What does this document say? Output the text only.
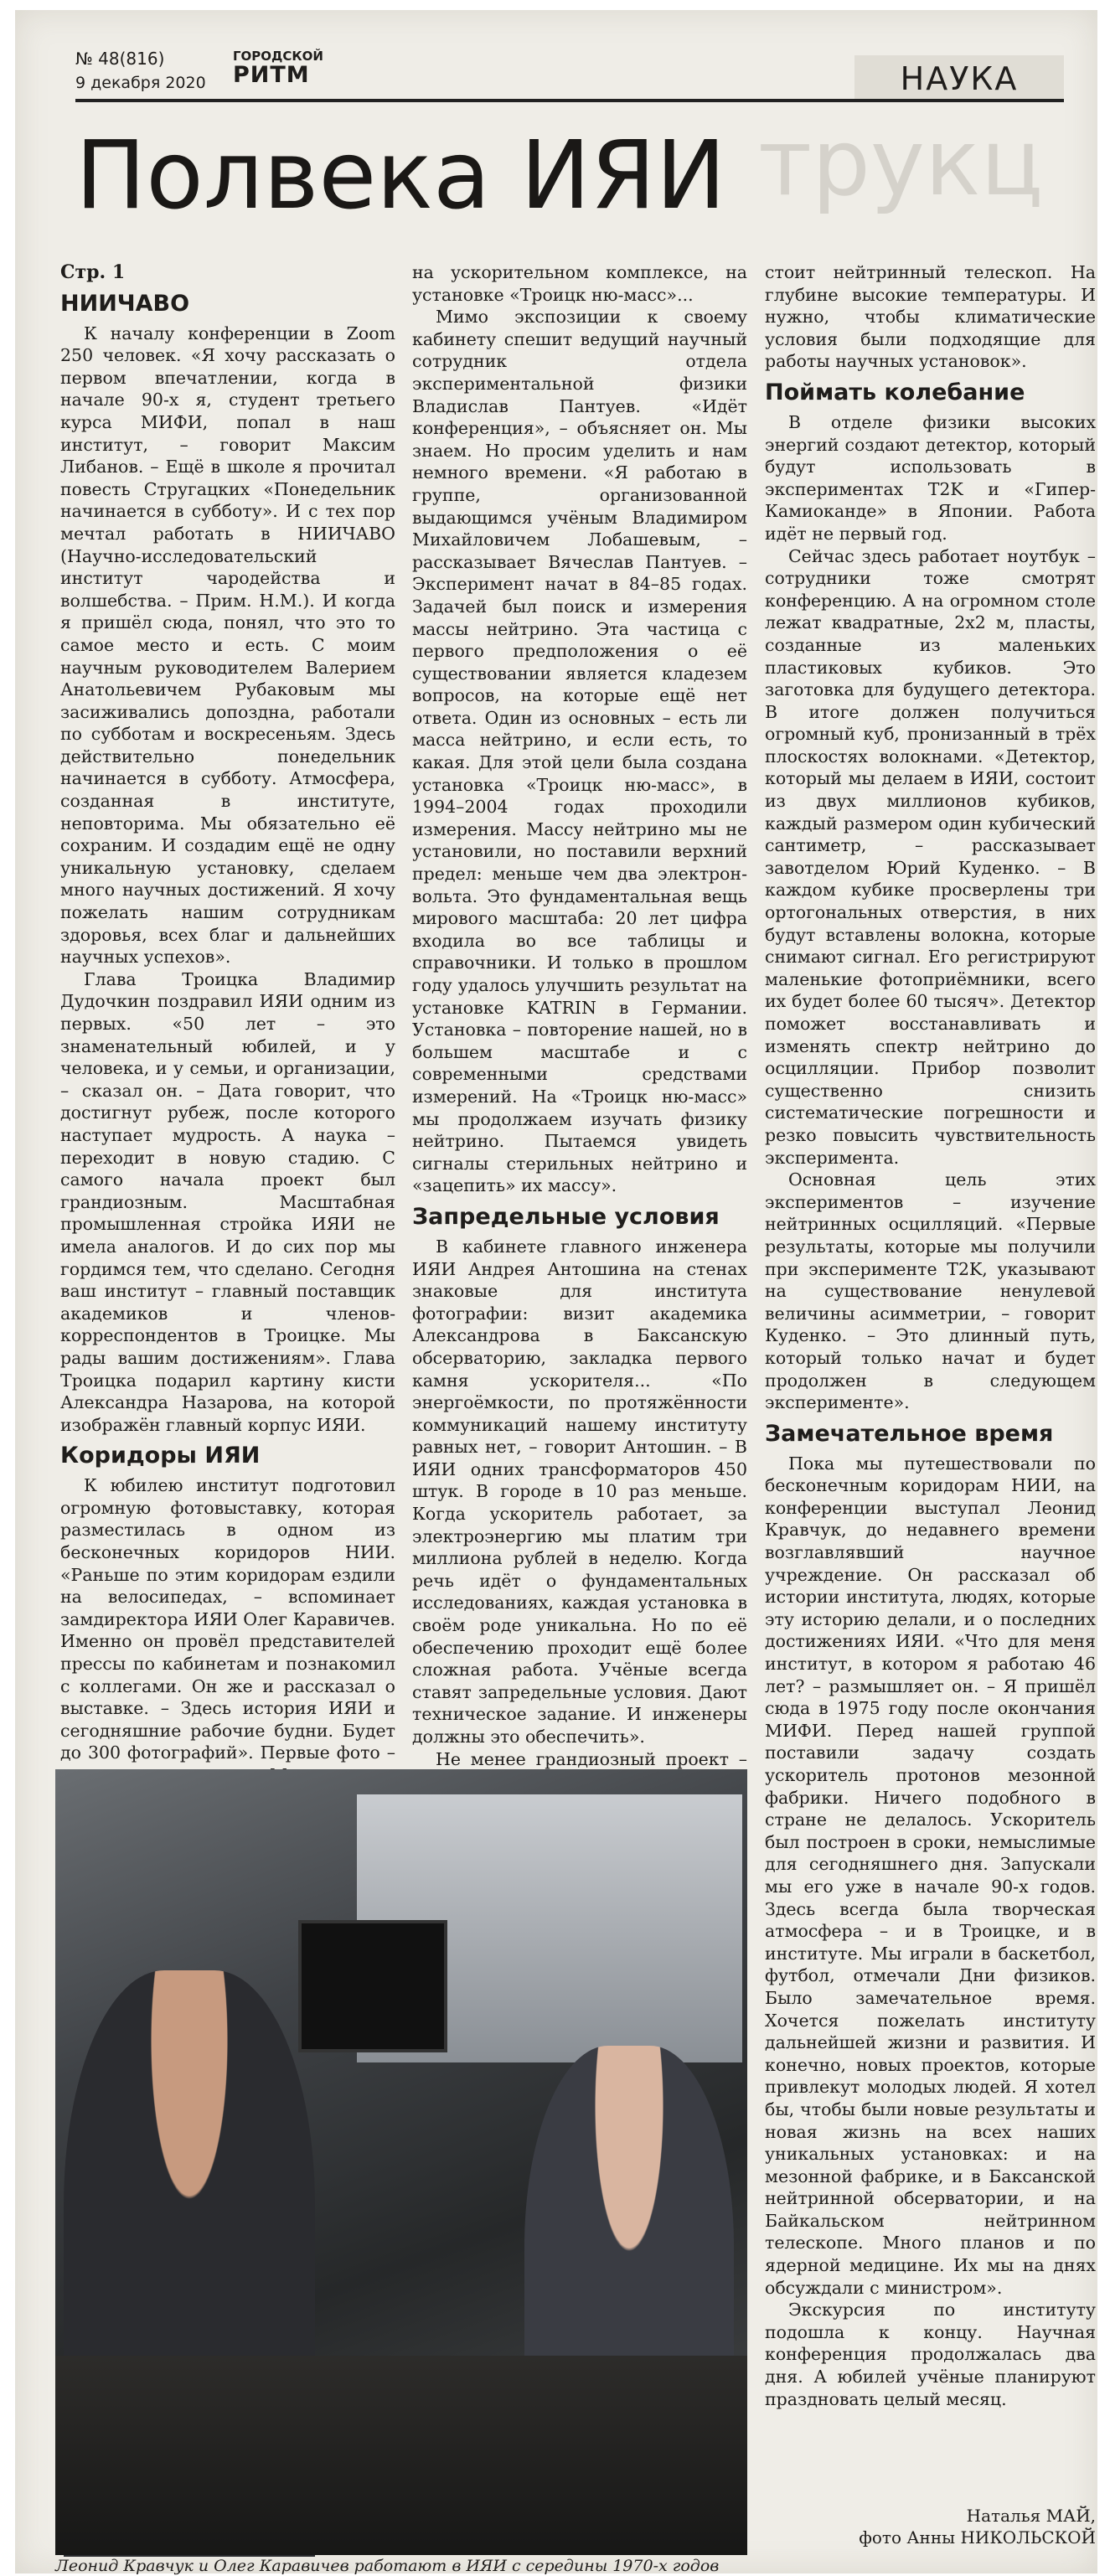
№ 48(816)
9 декабря 2020
ГОРОДСКОЙ
РИТМ	НАУКА
трукц
Полвека ИЯИ

Стр. 1

НИИЧАВО

К началу конференции в Zoom 250 человек. «Я хочу рассказать о первом впечатлении, когда в начале 90-х я, студент третьего курса МИФИ, попал в наш институт, – говорит Максим Либанов. – Ещё в школе я прочитал повесть Стругацких «Понедельник начинается в субботу». И с тех пор мечтал работать в НИИЧАВО (Научно-исследовательский институт чародейства и волшебства. – Прим. Н.М.). И когда я пришёл сюда, понял, что это то самое место и есть. С моим научным руководителем Валерием Анатольевичем Рубаковым мы засиживались допоздна, работали по субботам и воскресеньям. Здесь действительно понедельник начинается в субботу. Атмосфера, созданная в институте, неповторима. Мы обязательно её сохраним. И создадим ещё не одну уникальную установку, сделаем много научных достижений. Я хочу пожелать нашим сотрудникам здоровья, всех благ и дальнейших научных успехов».

Глава Троицка Владимир Дудочкин поздравил ИЯИ одним из первых. «50 лет – это знаменательный юбилей, и у человека, и у семьи, и организации, – сказал он. – Дата говорит, что достигнут рубеж, после которого наступает мудрость. А наука – переходит в новую стадию. С самого начала проект был грандиозным. Масштабная промышленная стройка ИЯИ не имела аналогов. И до сих пор мы гордимся тем, что сделано. Сегодня ваш институт – главный поставщик академиков и членов-корреспондентов в Троицке. Мы рады вашим достижениям». Глава Троицка подарил картину кисти Александра Назарова, на которой изображён главный корпус ИЯИ.

Коридоры ИЯИ

К юбилею институт подготовил огромную фотовыставку, которая разместилась в одном из бесконечных коридоров НИИ. «Раньше по этим коридорам ездили на велосипедах, – вспоминает замдиректора ИЯИ Олег Каравичев. Именно он провёл представителей прессы по кабинетам и познакомил с коллегами. Он же и рассказал о выставке. – Здесь история ИЯИ и сегодняшние рабочие будни. Будет до 300 фотографий». Первые фото –

на ускорительном комплексе, на установке «Троицк ню-масс»...

Мимо экспозиции к своему кабинету спешит ведущий научный сотрудник отдела экспериментальной физики Владислав Пантуев. «Идёт конференция», – объясняет он. Мы знаем. Но просим уделить и нам немного времени. «Я работаю в группе, организованной выдающимся учёным Владимиром Михайловичем Лобашевым, – рассказывает Вячеслав Пантуев. – Эксперимент начат в 84–85 годах. Задачей был поиск и измерения массы нейтрино. Эта частица с первого предположения о её существовании является кладезем вопросов, на которые ещё нет ответа. Один из основных – есть ли масса нейтрино, и если есть, то какая. Для этой цели была создана установка «Троицк ню-масс», в 1994–2004 годах проходили измерения. Массу нейтрино мы не установили, но поставили верхний предел: меньше чем два электрон-вольта. Это фундаментальная вещь мирового масштаба: 20 лет цифра входила во все таблицы и справочники. И только в прошлом году удалось улучшить результат на установке KATRIN в Германии. Установка – повторение нашей, но в большем масштабе и с современными средствами измерений. На «Троицк ню-масс» мы продолжаем изучать физику нейтрино. Пытаемся увидеть сигналы стерильных нейтрино и «зацепить» их массу».

Запредельные условия

В кабинете главного инженера ИЯИ Андрея Антошина на стенах знаковые для института фотографии: визит академика Александрова в Баксанскую обсерваторию, закладка первого камня ускорителя... «По энергоёмкости, по протяжённости коммуникаций нашему институту равных нет, – говорит Антошин. – В ИЯИ одних трансформаторов 450 штук. В городе в 10 раз меньше. Когда ускоритель работает, за электроэнергию мы платим три миллиона рублей в неделю. Когда речь идёт о фундаментальных исследованиях, каждая установка в своём роде уникальна. Но по её обеспечению проходит ещё более сложная работа. Учёные всегда ставят запредельные условия. Дают техническое задание. И инженеры должны это обеспечить».

Не менее грандиозный проект –

стоит нейтринный телескоп. На глубине высокие температуры. И нужно, чтобы климатические условия были подходящие для работы научных установок».

Поймать колебание

В отделе физики высоких энергий создают детектор, который будут использовать в экспериментах T2K и «Гипер-Камиоканде» в Японии. Работа идёт не первый год.

Сейчас здесь работает ноутбук – сотрудники тоже смотрят конференцию. А на огромном столе лежат квадратные, 2х2 м, пласты, созданные из маленьких пластиковых кубиков. Это заготовка для будущего детектора. В итоге должен получиться огромный куб, пронизанный в трёх плоскостях волокнами. «Детектор, который мы делаем в ИЯИ, состоит из двух миллионов кубиков, каждый размером один кубический сантиметр, – рассказывает завотделом Юрий Куденко. – В каждом кубике просверлены три ортогональных отверстия, в них будут вставлены волокна, которые снимают сигнал. Его регистрируют маленькие фотоприёмники, всего их будет более 60 тысяч». Детектор поможет восстанавливать и изменять спектр нейтрино до осцилляции. Прибор позволит существенно снизить систематические погрешности и резко повысить чувствительность эксперимента.

Основная цель этих экспериментов – изучение нейтринных осцилляций. «Первые результаты, которые мы получили при эксперименте T2K, указывают на существование ненулевой величины асимметрии, – говорит Куденко. – Это длинный путь, который только начат и будет продолжен в следующем эксперименте».

Замечательное время

Пока мы путешествовали по бесконечным коридорам НИИ, на конференции выступал Леонид Кравчук, до недавнего времени возглавлявший научное учреждение. Он рассказал об истории института, людях, которые эту историю делали, и о последних достижениях ИЯИ. «Что для меня институт, в котором я работаю 46 лет? – размышляет он. – Я пришёл сюда в 1975 году после окончания МИФИ. Перед нашей группой поставили задачу создать ускоритель протонов мезонной фабрики. Ничего подобного в стране не делалось. Ускоритель был построен в сроки, немыслимые для сегодняшнего дня. Запускали мы его уже в начале 90-х годов. Здесь всегда была творческая атмосфера – и в Троицке, и в институте. Мы играли в баскетбол, футбол, отмечали Дни физиков. Было замечательное время. Хочется пожелать институту дальнейшей жизни и развития. И конечно, новых проектов, которые привлекут молодых людей. Я хотел бы, чтобы были новые результаты и новая жизнь на всех наших уникальных установках: и на мезонной фабрике, и в Баксанской нейтринной обсерватории, и на Байкальском нейтринном телескопе. Много планов и по ядерной медицине. Их мы на днях обсуждали с министром».

Экскурсия по институту подошла к концу. Научная конференция продолжалась два дня. А юбилей учёные планируют праздновать целый месяц.

Наталья МАЙ,
фото Анны НИКОЛЬСКОЙ
Леонид Кравчук и Олег Каравичев работают в ИЯИ с середины 1970-х годов
